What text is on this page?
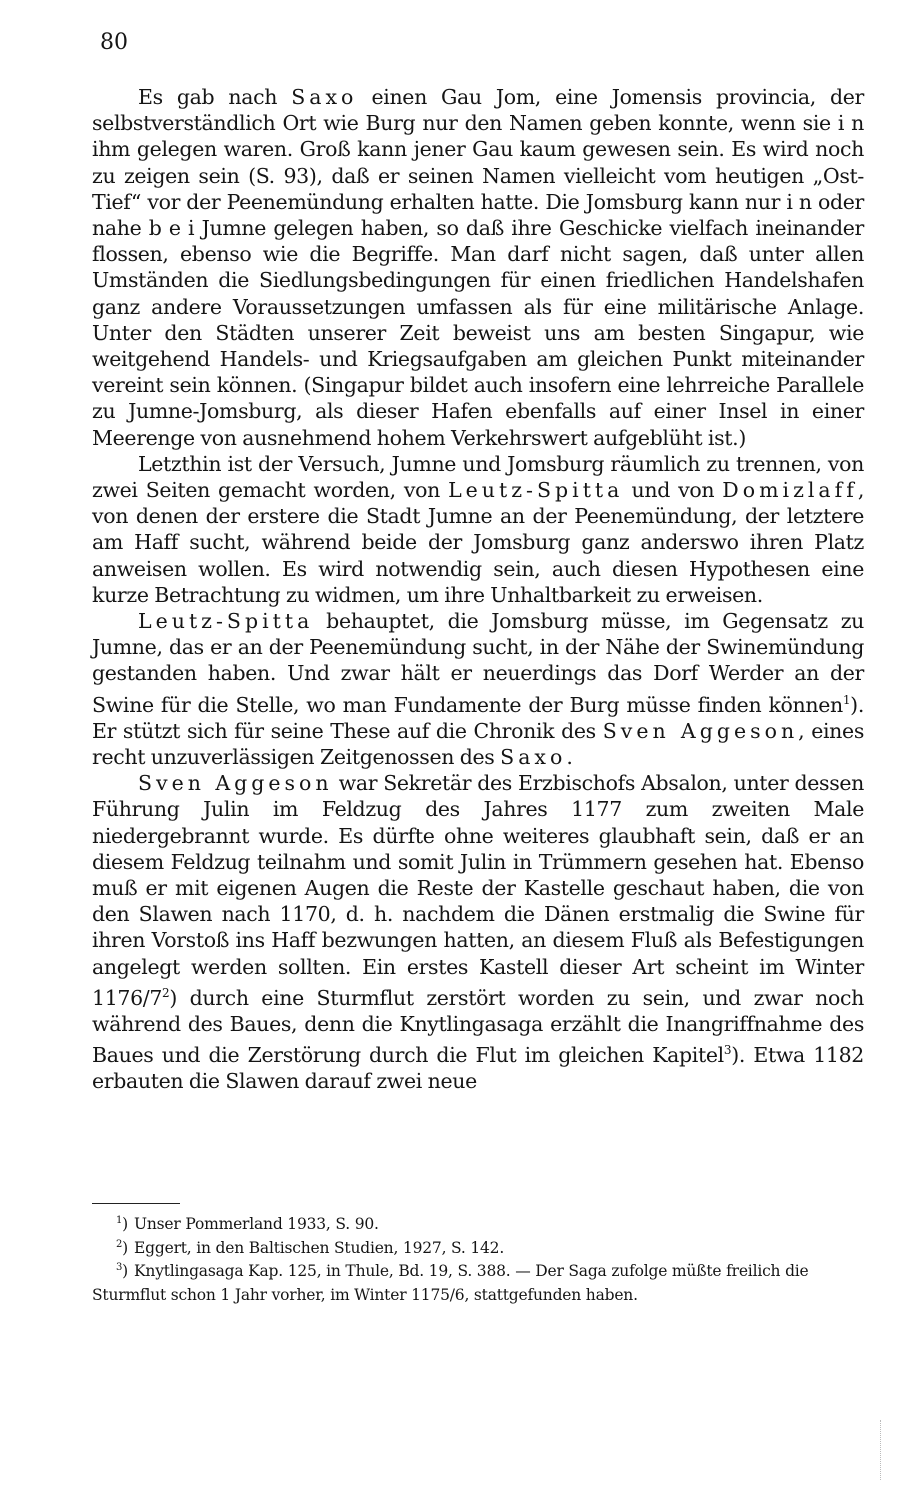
80

Es gab nach Saxo einen Gau Jom, eine Jomensis provincia, der selbstverständlich Ort wie Burg nur den Namen geben konnte, wenn sie i n ihm gelegen waren. Groß kann jener Gau kaum gewesen sein. Es wird noch zu zeigen sein (S. 93), daß er seinen Namen vielleicht vom heutigen „Ost-Tief“ vor der Peenemündung erhalten hatte. Die Jomsburg kann nur i n oder nahe b e i Jumne gelegen haben, so daß ihre Geschicke vielfach ineinander flossen, ebenso wie die Begriffe. Man darf nicht sagen, daß unter allen Umständen die Siedlungsbedingungen für einen friedlichen Handelshafen ganz andere Voraussetzungen umfassen als für eine militärische Anlage. Unter den Städten unserer Zeit beweist uns am besten Singapur, wie weitgehend Handels- und Kriegsaufgaben am gleichen Punkt miteinander vereint sein können. (Singapur bildet auch insofern eine lehrreiche Parallele zu Jumne-Jomsburg, als dieser Hafen ebenfalls auf einer Insel in einer Meerenge von ausnehmend hohem Verkehrswert aufgeblüht ist.)

Letzthin ist der Versuch, Jumne und Jomsburg räumlich zu trennen, von zwei Seiten gemacht worden, von Leutz-Spitta und von Domizlaff, von denen der erstere die Stadt Jumne an der Peenemündung, der letztere am Haff sucht, während beide der Jomsburg ganz anderswo ihren Platz anweisen wollen. Es wird notwendig sein, auch diesen Hypothesen eine kurze Betrachtung zu widmen, um ihre Unhaltbarkeit zu erweisen.

Leutz-Spitta behauptet, die Jomsburg müsse, im Gegensatz zu Jumne, das er an der Peenemündung sucht, in der Nähe der Swinemündung gestanden haben. Und zwar hält er neuerdings das Dorf Werder an der Swine für die Stelle, wo man Fundamente der Burg müsse finden können$^1$). Er stützt sich für seine These auf die Chronik des Sven Aggeson, eines recht unzuverlässigen Zeitgenossen des Saxo.

Sven Aggeson war Sekretär des Erzbischofs Absalon, unter dessen Führung Julin im Feldzug des Jahres 1177 zum zweiten Male niedergebrannt wurde. Es dürfte ohne weiteres glaubhaft sein, daß er an diesem Feldzug teilnahm und somit Julin in Trümmern gesehen hat. Ebenso muß er mit eigenen Augen die Reste der Kastelle geschaut haben, die von den Slawen nach 1170, d. h. nachdem die Dänen erstmalig die Swine für ihren Vorstoß ins Haff bezwungen hatten, an diesem Fluß als Befestigungen angelegt werden sollten. Ein erstes Kastell dieser Art scheint im Winter $1176/7^2$) durch eine Sturmflut zerstört worden zu sein, und zwar noch während des Baues, denn die Knytlingasaga erzählt die Inangriffnahme des Baues und die Zerstörung durch die Flut im gleichen Kapitel$^3$). Etwa 1182 erbauten die Slawen darauf zwei neue

$^1$) Unser Pommerland 1933, S. 90.

$^2$) Eggert, in den Baltischen Studien, 1927, S. 142.

$^3$) Knytlingasaga Kap. 125, in Thule, Bd. 19, S. 388. — Der Saga zufolge müßte freilich die Sturmflut schon 1 Jahr vorher, im Winter 1175/6, stattgefunden haben.
